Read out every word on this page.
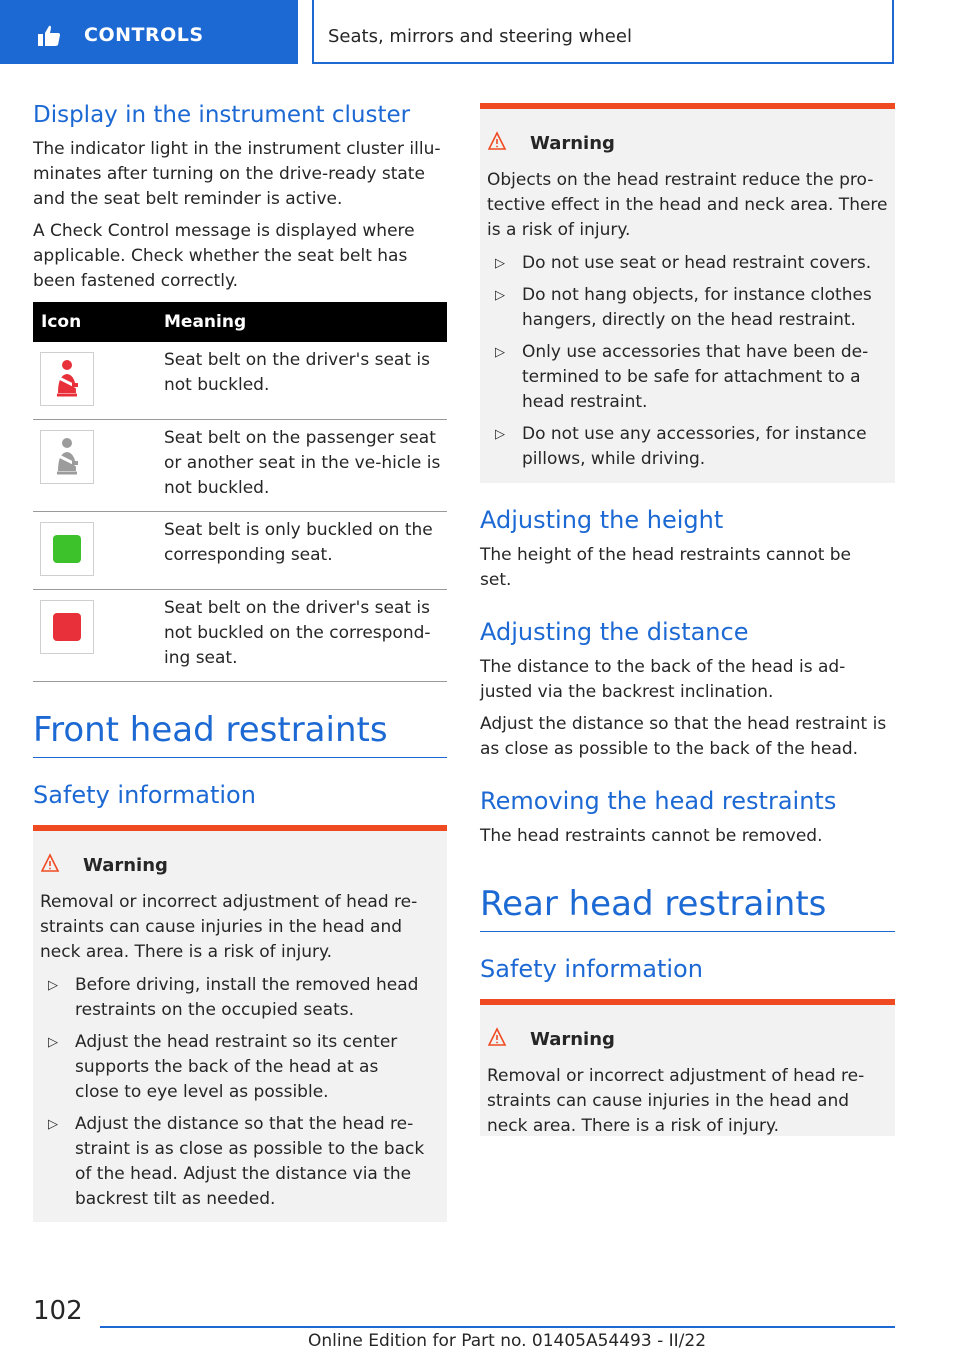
CONTROLS	Seats, mirrors and steering wheel

Display in the instrument cluster

The indicator light in the instrument cluster illu-minates after turning on the drive-ready state and the seat belt reminder is active.

A Check Control message is displayed where applicable. Check whether the seat belt has been fastened correctly.

Icon	Meaning

	Seat belt on the driver's seat is not buckled.

	Seat belt on the passenger seat or another seat in the ve-hicle is not buckled.

	Seat belt is only buckled on the corresponding seat.

	Seat belt on the driver's seat is not buckled on the correspond-ing seat.

Front head restraints

Safety information

Warning
Removal or incorrect adjustment of head re-straints can cause injuries in the head and neck area. There is a risk of injury.
▷ Before driving, install the removed head restraints on the occupied seats.
▷ Adjust the head restraint so its center supports the back of the head at as close to eye level as possible.
▷ Adjust the distance so that the head re-straint is as close as possible to the back of the head. Adjust the distance via the backrest tilt as needed.
Warning
Objects on the head restraint reduce the pro-tective effect in the head and neck area. There is a risk of injury.
▷ Do not use seat or head restraint covers.
▷ Do not hang objects, for instance clothes hangers, directly on the head restraint.
▷ Only use accessories that have been de-termined to be safe for attachment to a head restraint.
▷ Do not use any accessories, for instance pillows, while driving.

Adjusting the height

The height of the head restraints cannot be set.

Adjusting the distance

The distance to the back of the head is ad-justed via the backrest inclination.

Adjust the distance so that the head restraint is as close as possible to the back of the head.

Removing the head restraints

The head restraints cannot be removed.

Rear head restraints

Safety information

Warning
Removal or incorrect adjustment of head re-straints can cause injuries in the head and neck area. There is a risk of injury.
102
Online Edition for Part no. 01405A54493 - II/22
